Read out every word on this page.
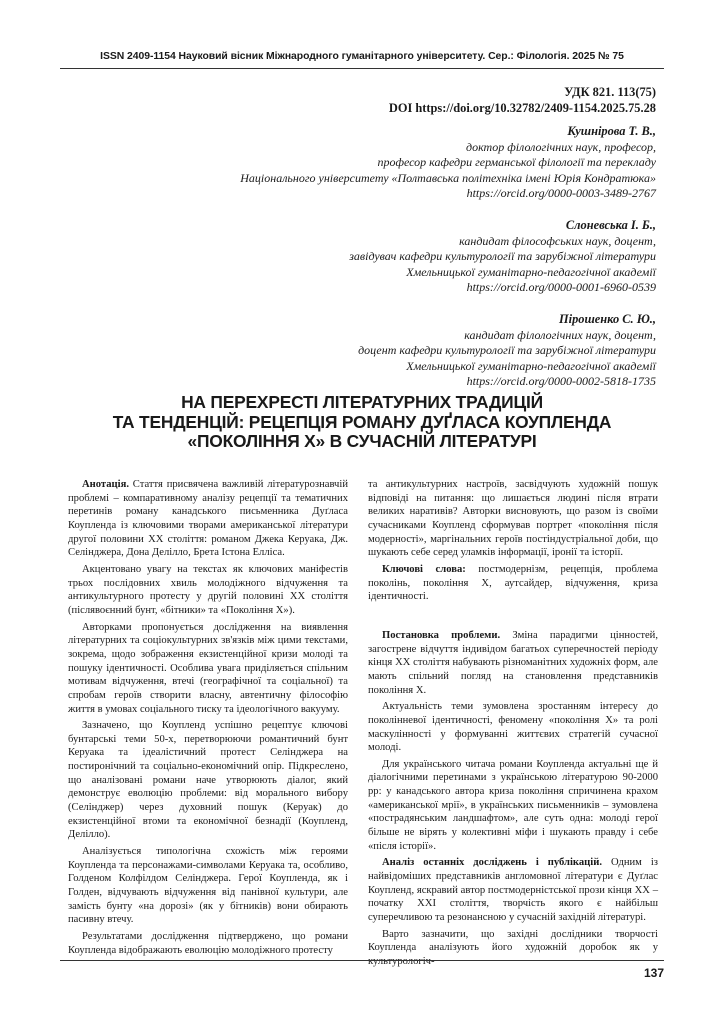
ISSN 2409-1154 Науковий вісник Міжнародного гуманітарного університету. Сер.: Філологія. 2025 № 75
УДК 821. 113(75)
DOI https://doi.org/10.32782/2409-1154.2025.75.28
Кушнірова Т. В.,
доктор філологічних наук, професор,
професор кафедри германської філології та перекладу
Національного університету «Полтавська політехніка імені Юрія Кондратюка»
https://orcid.org/0000-0003-3489-2767
Слоневська І. Б.,
кандидат філософських наук, доцент,
завідувач кафедри культурології та зарубіжної літератури
Хмельницької гуманітарно-педагогічної академії
https://orcid.org/0000-0001-6960-0539
Пірошенко С. Ю.,
кандидат філологічних наук, доцент,
доцент кафедри культурології та зарубіжної літератури
Хмельницької гуманітарно-педагогічної академії
https://orcid.org/0000-0002-5818-1735
НА ПЕРЕХРЕСТІ ЛІТЕРАТУРНИХ ТРАДИЦІЙ
ТА ТЕНДЕНЦІЙ: РЕЦЕПЦІЯ РОМАНУ ДУҐЛАСА КОУПЛЕНДА
«ПОКОЛІННЯ Х» В СУЧАСНІЙ ЛІТЕРАТУРІ

Анотація. Стаття присвячена важливій літературознавчій проблемі – компаративному аналізу рецепції та тематичних перетинів роману канадського письменника Дуґласа Коупленда із ключовими творами американської літератури другої половини ХХ століття: романом Джека Керуака, Дж. Селінджера, Дона Делілло, Брета Істона Елліса.

Акцентовано увагу на текстах як ключових маніфестів трьох послідовних хвиль молодіжного відчуження та антикультурного протесту у другій половині ХХ століття (післявоєнний бунт, «бітники» та «Покоління Х»).

Авторками пропонується дослідження на виявлення літературних та соціокультурних зв'язків між цими текстами, зокрема, щодо зображення екзистенційної кризи молоді та пошуку ідентичності. Особлива увага приділяється спільним мотивам відчуження, втечі (географічної та соціальної) та спробам героїв створити власну, автентичну філософію життя в умовах соціального тиску та ідеологічного вакууму.

Зазначено, що Коупленд успішно рецептує ключові бунтарські теми 50-х, перетворюючи романтичний бунт Керуака та ідеалістичний протест Селінджера на постиронічний та соціально-економічний опір. Підкреслено, що аналізовані романи наче утворюють діалог, який демонструє еволюцію проблеми: від морального вибору (Селінджер) через духовний пошук (Керуак) до екзистенційної втоми та економічної безнадії (Коупленд, Делілло).

Аналізується типологічна схожість між героями Коупленда та персонажами-символами Керуака та, особливо, Голденом Колфілдом Селінджера. Герої Коупленда, як і Голден, відчувають відчуження від панівної культури, але замість бунту «на дорозі» (як у бітників) вони обирають пасивну втечу.

Результатами дослідження підтверджено, що романи Коупленда відображають еволюцію молодіжного протесту

та антикультурних настроїв, засвідчують художній пошук відповіді на питання: що лишається людині після втрати великих наративів? Авторки висновують, що разом із своїми сучасниками Коупленд сформував портрет «покоління після модерності», маргінальних героїв постіндустріальної доби, що шукають себе серед уламків інформації, іронії та історії.

Ключові слова: постмодернізм, рецепція, проблема поколінь, покоління Х, аутсайдер, відчуження, криза ідентичності.

Постановка проблеми. Зміна парадигми цінностей, загострене відчуття індивідом багатьох суперечностей періоду кінця ХХ століття набувають різноманітних художніх форм, але мають спільний погляд на становлення представників покоління Х.

Актуальність теми зумовлена зростанням інтересу до поколінневої ідентичності, феномену «покоління Х» та ролі маскулінності у формуванні життєвих стратегій сучасної молоді.

Для українського читача романи Коупленда актуальні ще й діалогічними перетинами з українською літературою 90-2000 рр: у канадського автора криза покоління спричинена крахом «американської мрії», в українських письменників – зумовлена «пострадянським ландшафтом», але суть одна: молоді герої більше не вірять у колективні міфи і шукають правду і себе «після історії».

Аналіз останніх досліджень і публікацій. Одним із найвідоміших представників англомовної літератури є Дуґлас Коупленд, яскравий автор постмодерністської прози кінця ХХ – початку ХХІ століття, творчість якого є найбільш суперечливою та резонансною у сучасній західній літературі.

Варто зазначити, що західні дослідники творчості Коупленда аналізують його художній доробок як у культурологіч-

137
